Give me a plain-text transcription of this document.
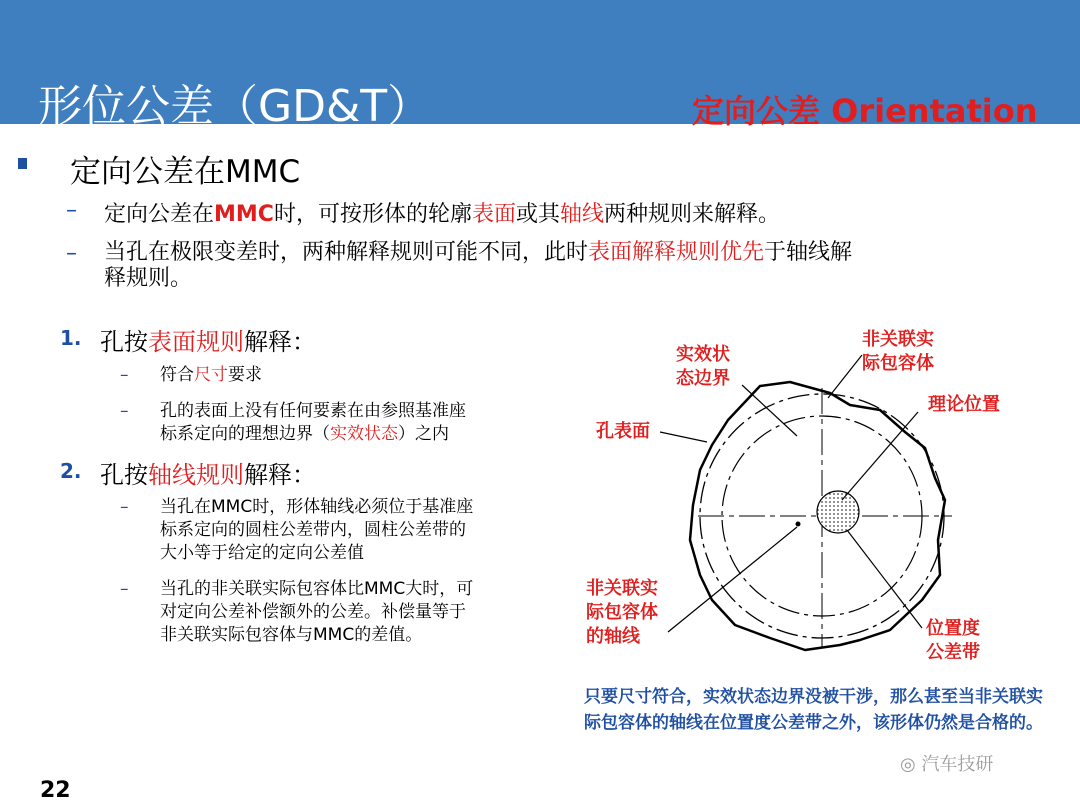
形位公差（GD&T）	定向公差 Orientation
定向公差在MMC
– 定向公差在MMC时，可按形体的轮廓表面或其轴线两种规则来解释。
– 当孔在极限变差时，两种解释规则可能不同，此时表面解释规则优先于轴线解
释规则。
1. 孔按表面规则解释：
– 符合尺寸要求
– 孔的表面上没有任何要素在由参照基准座
标系定向的理想边界（实效状态）之内
2. 孔按轴线规则解释：
– 当孔在MMC时，形体轴线必须位于基准座
标系定向的圆柱公差带内，圆柱公差带的
大小等于给定的定向公差值
– 当孔的非关联实际包容体比MMC大时，可
对定向公差补偿额外的公差。补偿量等于
非关联实际包容体与MMC的差值。
实效状
态边界
非关联实
际包容体
理论位置
孔表面
非关联实
际包容体
的轴线	位置度
公差带
只要尺寸符合，实效状态边界没被干涉，那么甚至当非关联实际包容体的轴线在位置度公差带之外，该形体仍然是合格的。
22
◎ 汽车技研
